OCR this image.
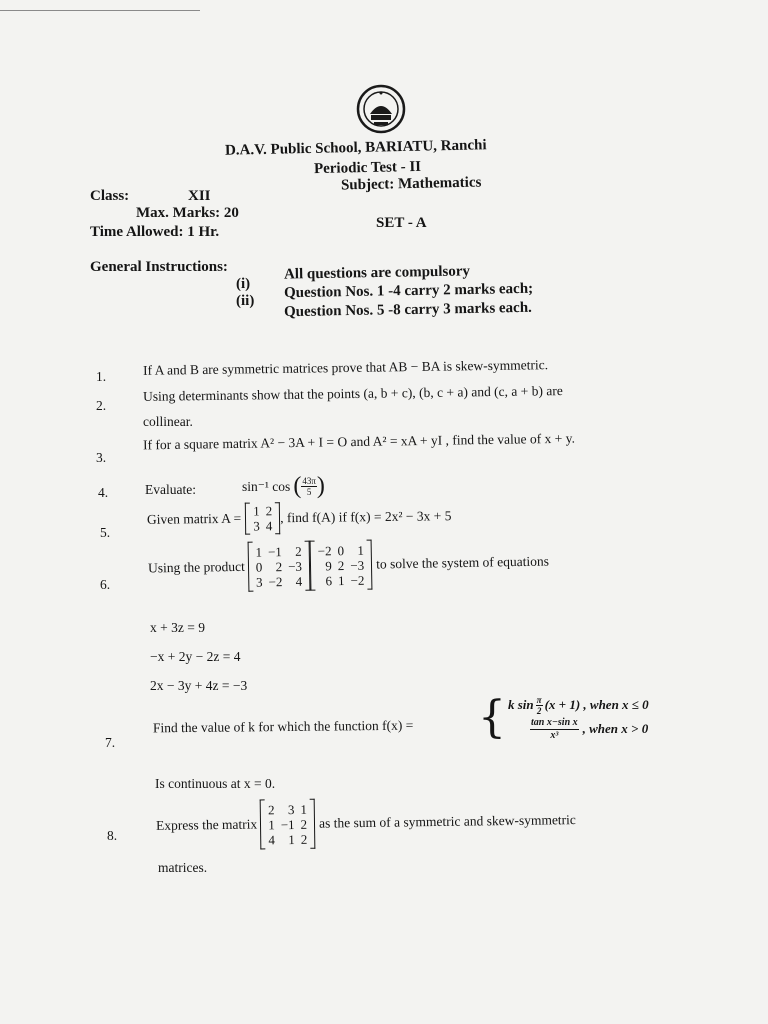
D.A.V. Public School, BARIATU, Ranchi
Periodic Test - II
Subject: Mathematics
Class:	XII
Max. Marks: 20
Time Allowed: 1 Hr.
SET - A
General Instructions:
(i)
All questions are compulsory
(ii) Question Nos. 1 -4 carry 2 marks each;
Question Nos. 5 -8 carry 3 marks each.
1.	If A and B are symmetric matrices prove that AB − BA is skew-symmetric.
2.
Using determinants show that the points (a, b + c), (b, c + a) and (c, a + b) are
collinear.
3.
If for a square matrix A² − 3A + I = O and A² = xA + yI , find the value of x + y.
4.	Evaluate:	sin⁻¹ cos ( $\frac{43\pi}{5}$ )
5.
Given matrix A = 1	2
3	4
, find f(A) if f(x) = 2x² − 3x + 5
6.
Using the product
1	−1	2
0	2	−3
3	−2	4
−2	0	1
9	2	−3
6	1	−2
to solve the system of equations
x + 3z = 9
−x + 2y − 2z = 4
2x − 3y + 4z = −3
7.
Find the value of k for which the function f(x) = { k $\sin \frac{\pi}{2} (x + 1)$ , when x ≤ 0
$\frac{\text{tan x−sin x}}{\text{x³}}$ , when x > 0
Is continuous at x = 0.
8.
Express the matrix
2	3	1
1	−1	2
4	1	2
as the sum of a symmetric and skew-symmetric
matrices.
